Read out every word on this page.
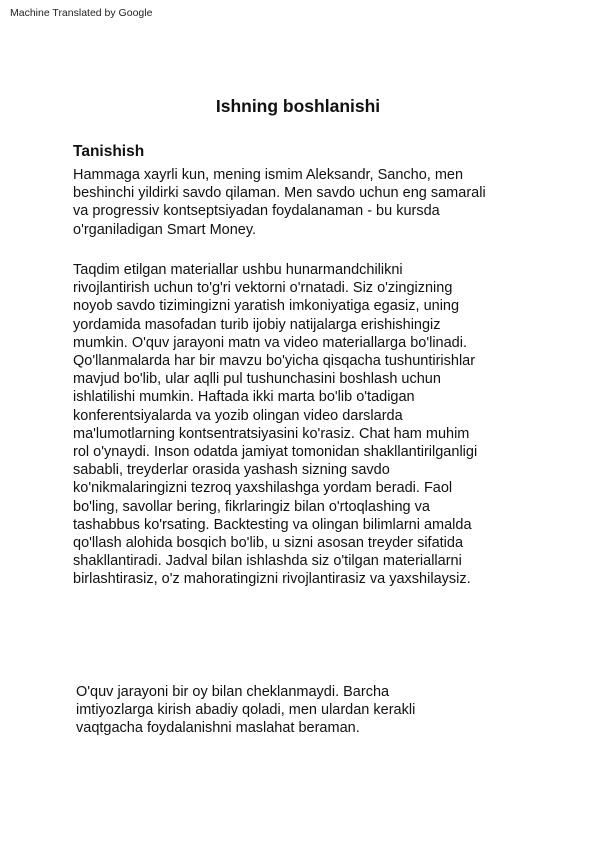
Machine Translated by Google
Ishning boshlanishi
Tanishish

Hammaga xayrli kun, mening ismim Aleksandr, Sancho, men
beshinchi yildirki savdo qilaman. Men savdo uchun eng samarali
va progressiv kontseptsiyadan foydalanaman - bu kursda
o'rganiladigan Smart Money.

Taqdim etilgan materiallar ushbu hunarmandchilikni
rivojlantirish uchun to'g'ri vektorni o'rnatadi. Siz o'zingizning
noyob savdo tizimingizni yaratish imkoniyatiga egasiz, uning
yordamida masofadan turib ijobiy natijalarga erishishingiz
mumkin. O'quv jarayoni matn va video materiallarga bo'linadi.
Qo'llanmalarda har bir mavzu bo'yicha qisqacha tushuntirishlar
mavjud bo'lib, ular aqlli pul tushunchasini boshlash uchun
ishlatilishi mumkin. Haftada ikki marta bo'lib o'tadigan
konferentsiyalarda va yozib olingan video darslarda
ma'lumotlarning kontsentratsiyasini ko'rasiz. Chat ham muhim
rol o'ynaydi. Inson odatda jamiyat tomonidan shakllantirilganligi
sababli, treyderlar orasida yashash sizning savdo
ko'nikmalaringizni tezroq yaxshilashga yordam beradi. Faol
bo'ling, savollar bering, fikrlaringiz bilan o'rtoqlashing va
tashabbus ko'rsating. Backtesting va olingan bilimlarni amalda
qo'llash alohida bosqich bo'lib, u sizni asosan treyder sifatida
shakllantiradi. Jadval bilan ishlashda siz o'tilgan materiallarni
birlashtirasiz, o'z mahoratingizni rivojlantirasiz va yaxshilaysiz.

O'quv jarayoni bir oy bilan cheklanmaydi. Barcha
imtiyozlarga kirish abadiy qoladi, men ulardan kerakli
vaqtgacha foydalanishni maslahat beraman.
